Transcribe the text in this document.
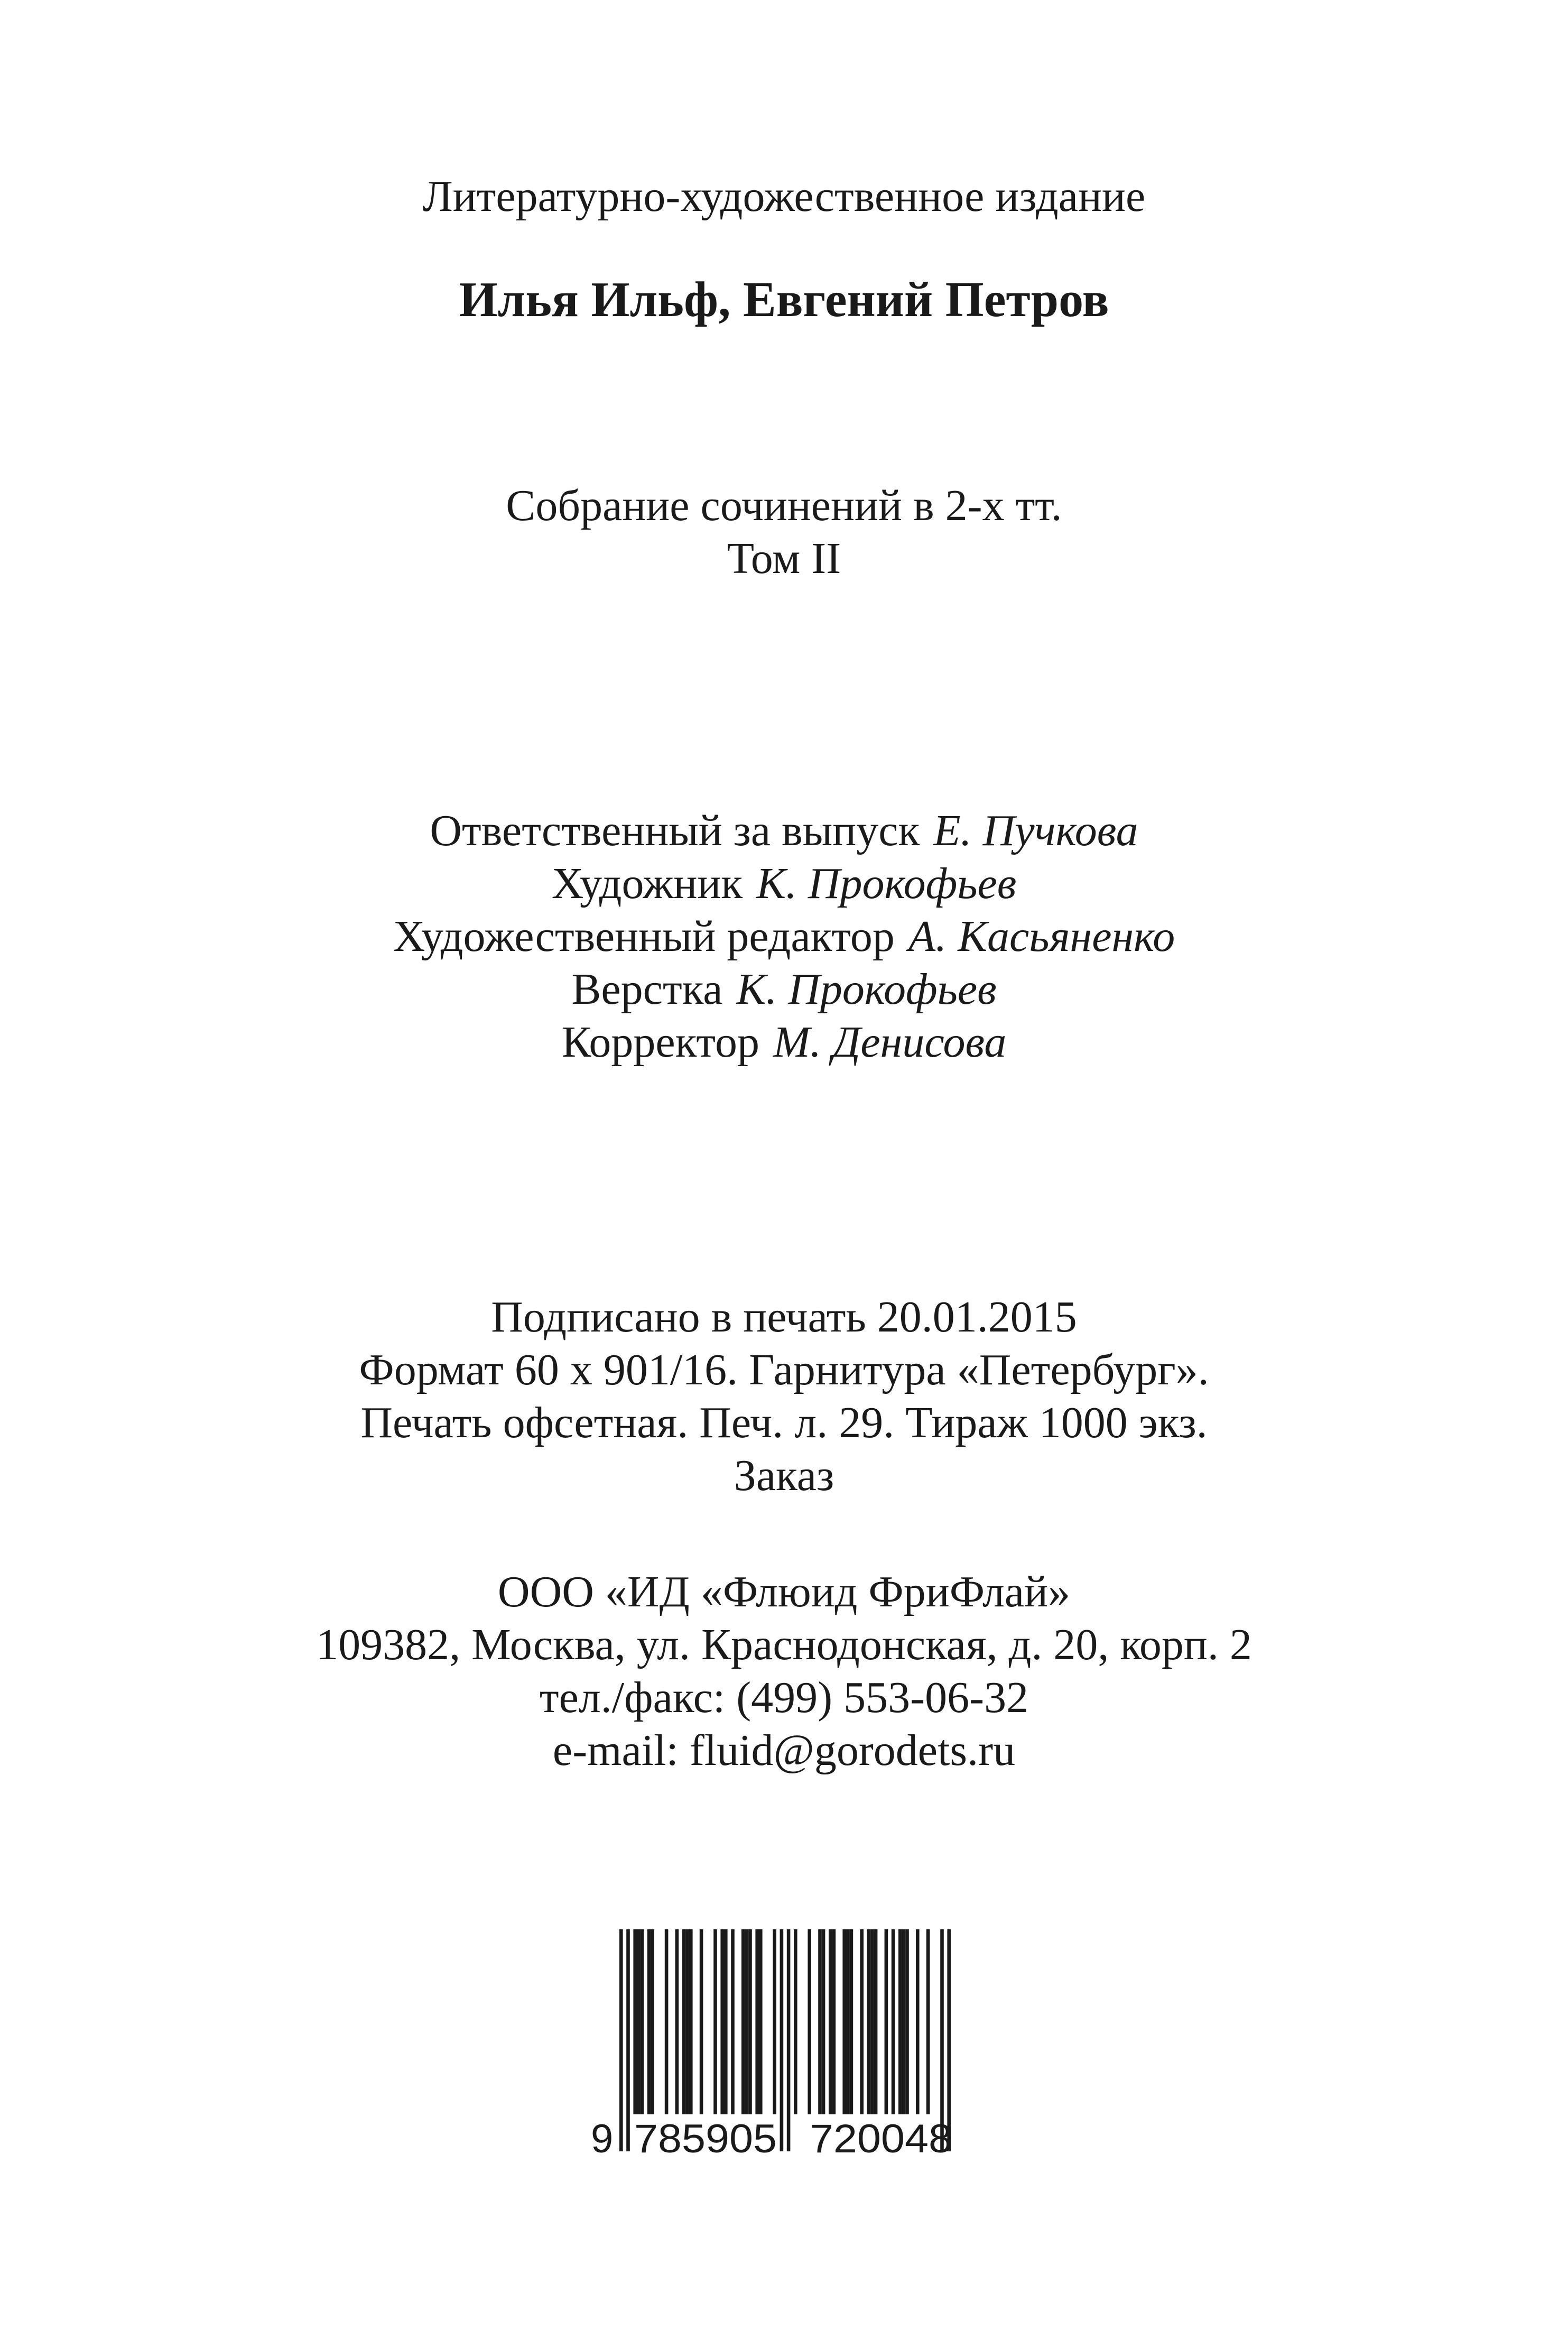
Литературно-художественное издание
Илья Ильф, Евгений Петров
Собрание сочинений в 2-х тт.
Том II
Ответственный за выпуск Е. Пучкова
Художник К. Прокофьев
Художественный редактор А. Касьяненко
Верстка К. Прокофьев
Корректор М. Денисова
Подписано в печать 20.01.2015
Формат 60 х 901/16. Гарнитура «Петербург».
Печать офсетная. Печ. л. 29. Тираж 1000 экз.
Заказ
ООО «ИД «Флюид ФриФлай»
109382, Москва, ул. Краснодонская, д. 20, корп. 2
тел./факс: (499) 553-06-32
e-mail: fluid@gorodets.ru
9 785905 720048
